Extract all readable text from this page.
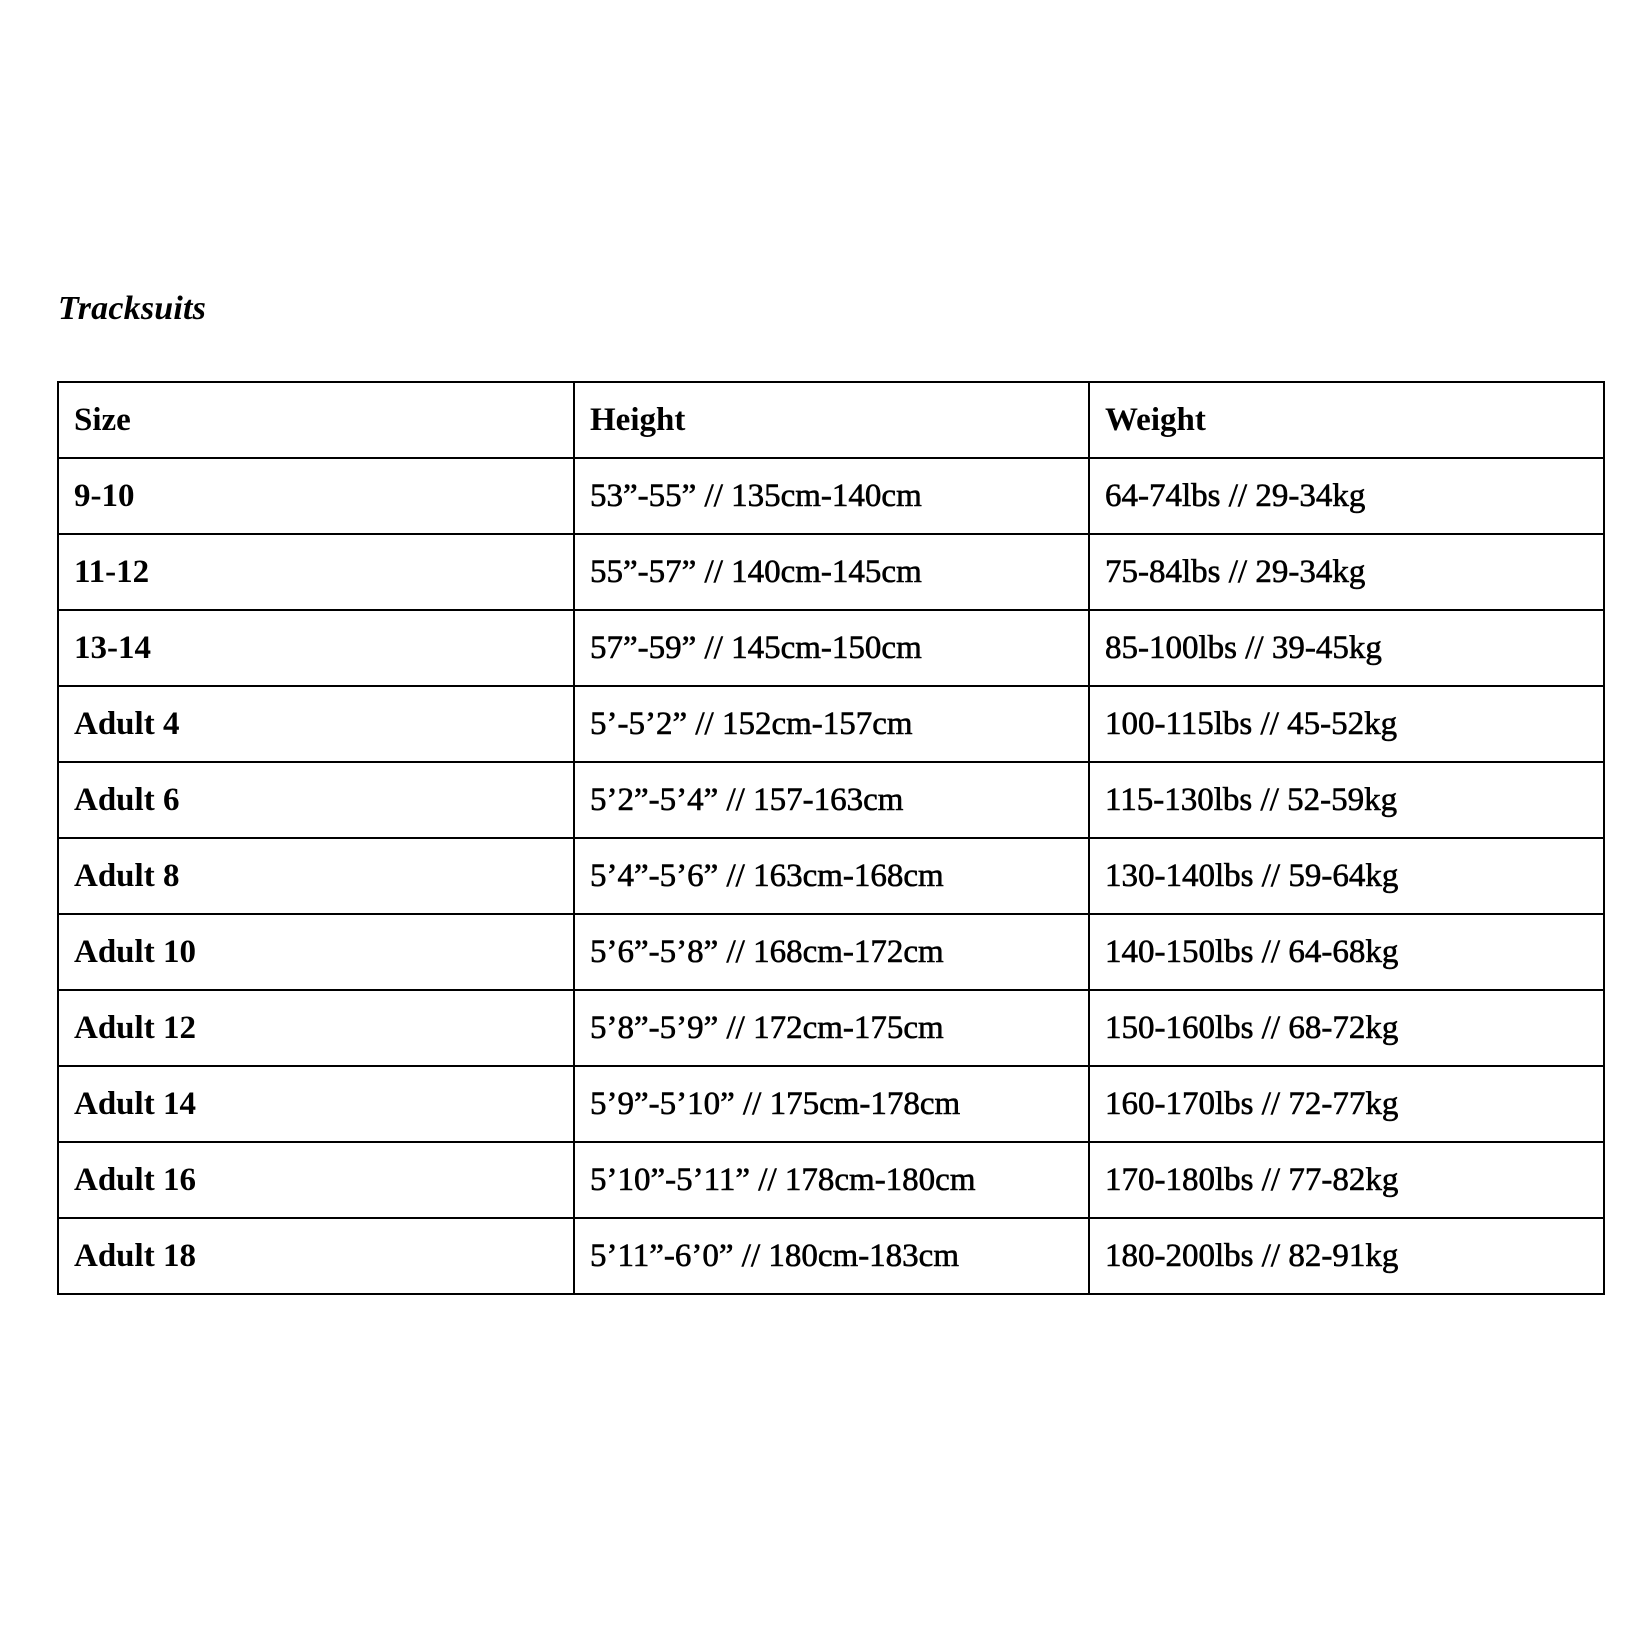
Tracksuits
Size	Height	Weight
9-10	53”-55” // 135cm-140cm	64-74lbs // 29-34kg
11-12	55”-57” // 140cm-145cm	75-84lbs // 29-34kg
13-14	57”-59” // 145cm-150cm	85-100lbs // 39-45kg
Adult 4	5’-5’2” // 152cm-157cm	100-115lbs // 45-52kg
Adult 6	5’2”-5’4” // 157-163cm	115-130lbs // 52-59kg
Adult 8	5’4”-5’6” // 163cm-168cm	130-140lbs // 59-64kg
Adult 10	5’6”-5’8” // 168cm-172cm	140-150lbs // 64-68kg
Adult 12	5’8”-5’9” // 172cm-175cm	150-160lbs // 68-72kg
Adult 14	5’9”-5’10” // 175cm-178cm	160-170lbs // 72-77kg
Adult 16	5’10”-5’11” // 178cm-180cm	170-180lbs // 77-82kg
Adult 18	5’11”-6’0” // 180cm-183cm	180-200lbs // 82-91kg
